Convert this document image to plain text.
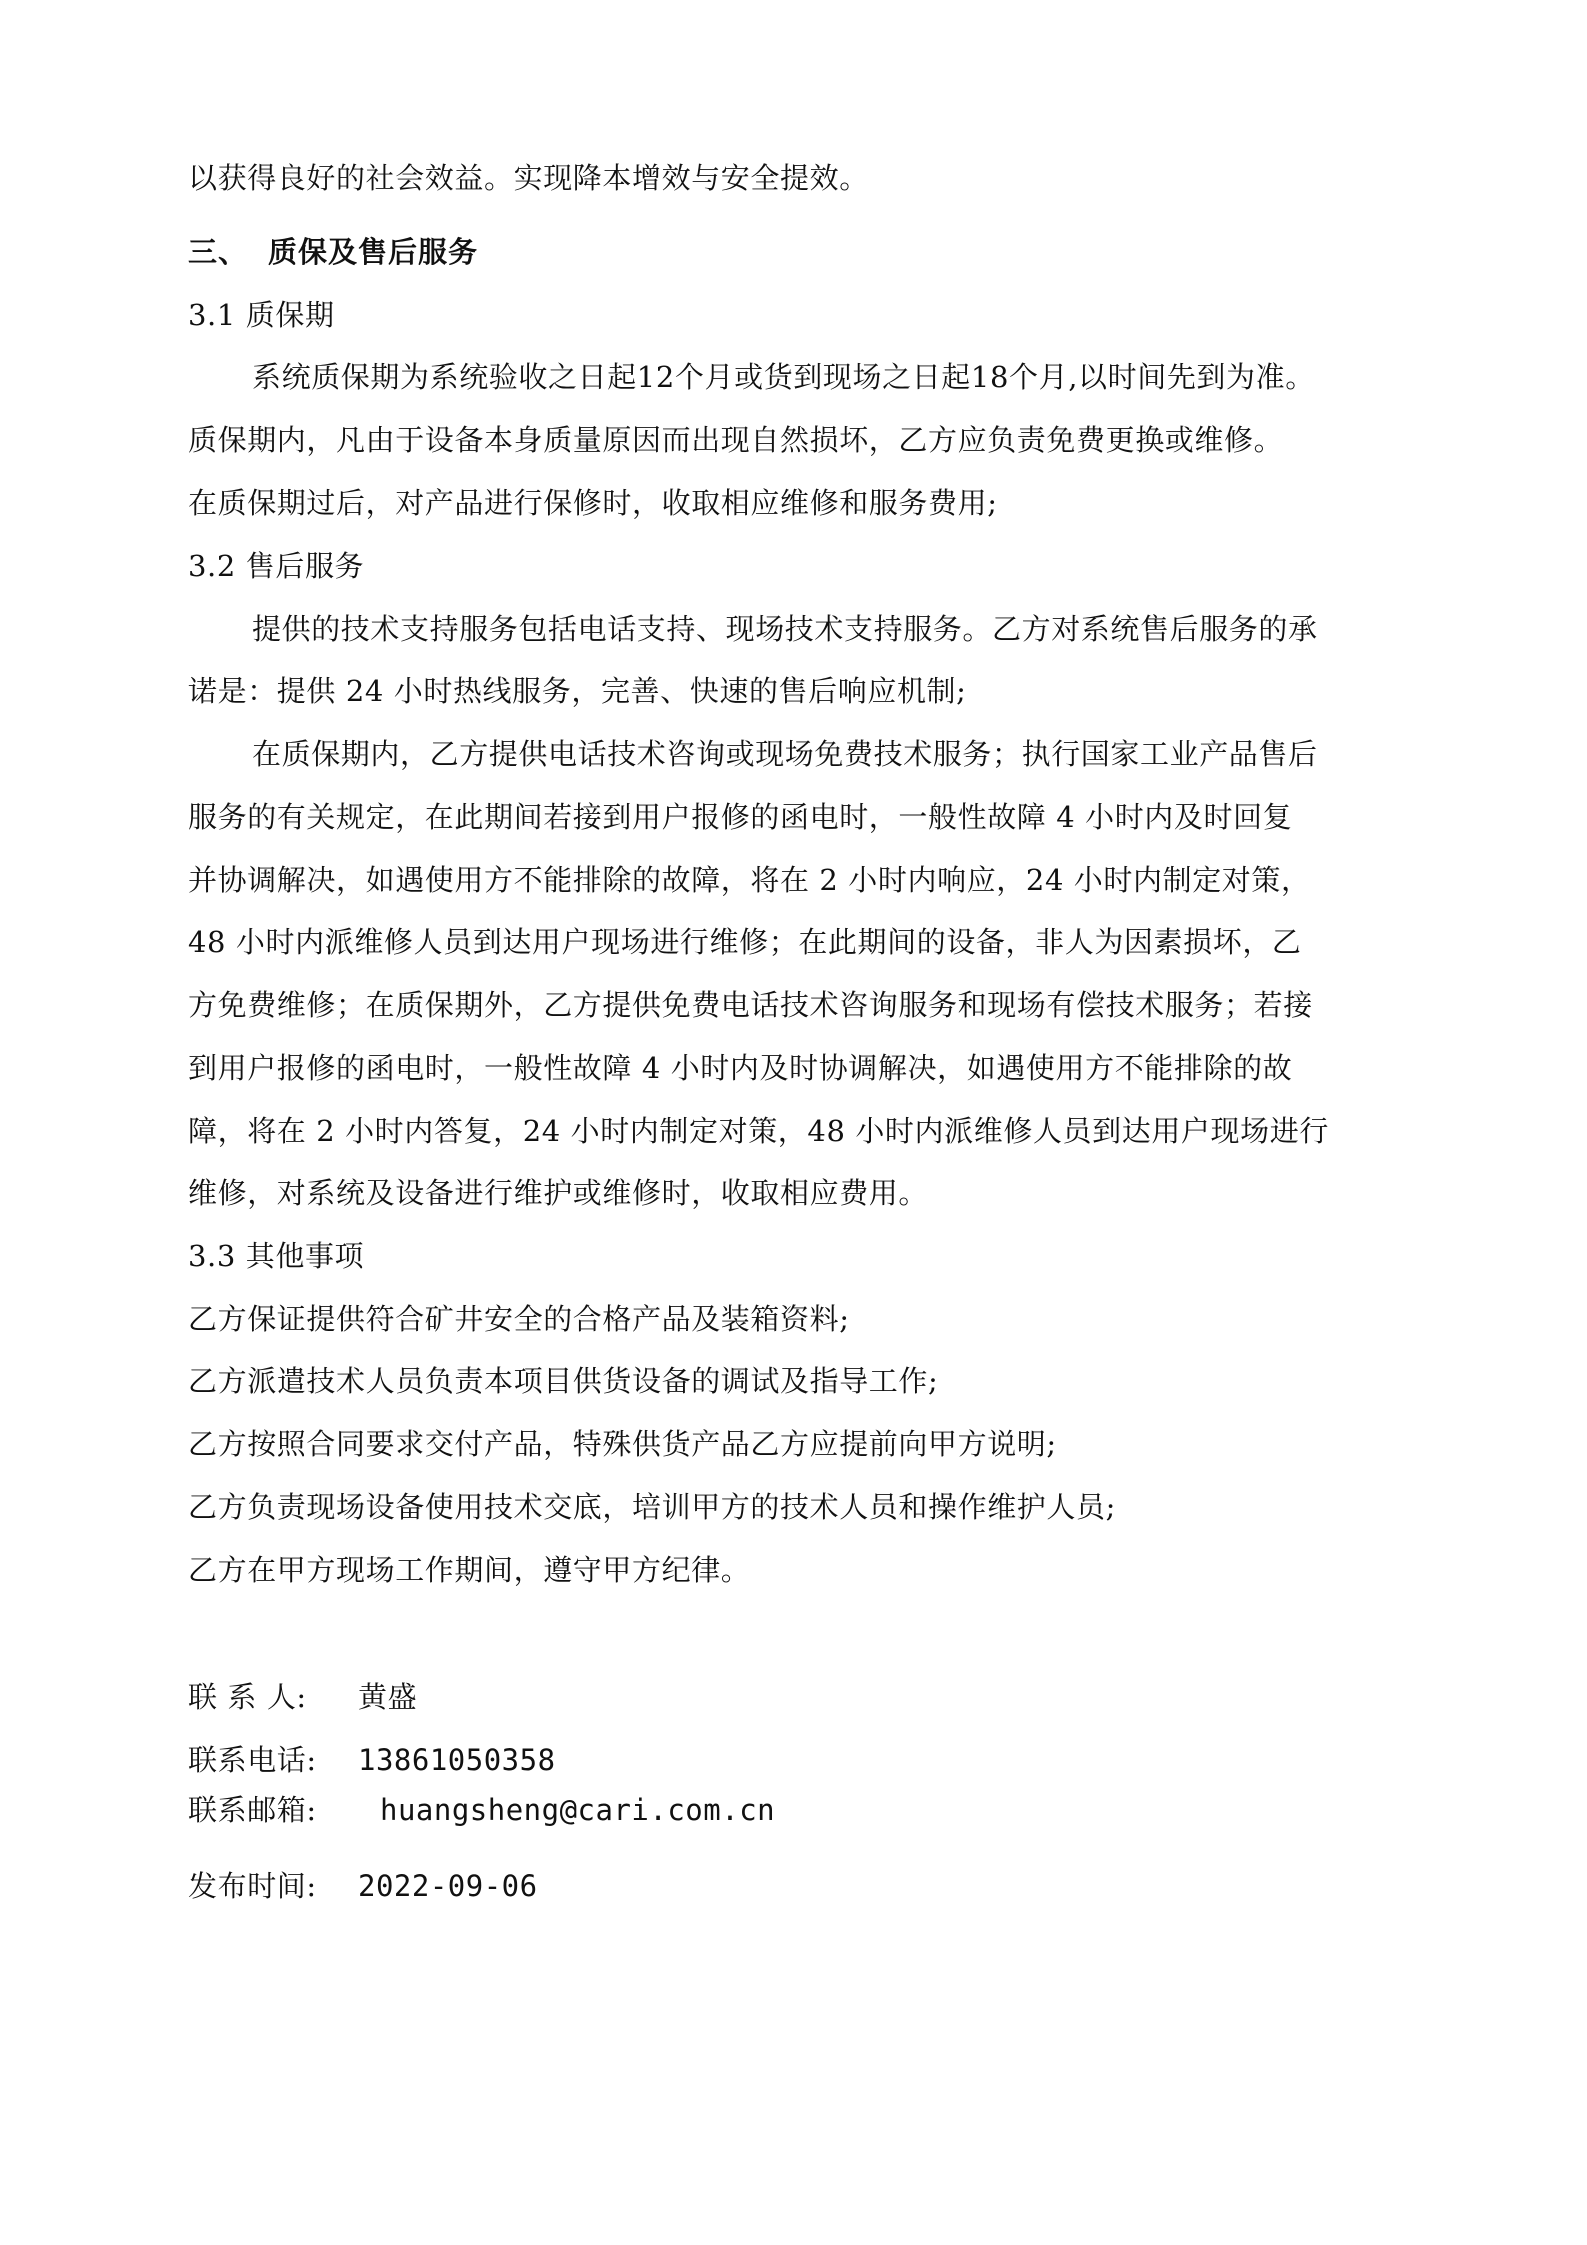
以获得良好的社会效益。实现降本增效与安全提效。
三、 质保及售后服务
3.1 质保期
系统质保期为系统验收之日起12个月或货到现场之日起18个月,以时间先到为准。
质保期内，凡由于设备本身质量原因而出现自然损坏，乙方应负责免费更换或维修。
在质保期过后，对产品进行保修时，收取相应维修和服务费用;
3.2 售后服务
提供的技术支持服务包括电话支持、现场技术支持服务。乙方对系统售后服务的承
诺是：提供 24 小时热线服务，完善、快速的售后响应机制;
在质保期内，乙方提供电话技术咨询或现场免费技术服务；执行国家工业产品售后
服务的有关规定，在此期间若接到用户报修的函电时，一般性故障 4 小时内及时回复
并协调解决，如遇使用方不能排除的故障，将在 2 小时内响应，24 小时内制定对策，
48 小时内派维修人员到达用户现场进行维修；在此期间的设备，非人为因素损坏，乙
方免费维修；在质保期外，乙方提供免费电话技术咨询服务和现场有偿技术服务；若接
到用户报修的函电时，一般性故障 4 小时内及时协调解决，如遇使用方不能排除的故
障，将在 2 小时内答复，24 小时内制定对策，48 小时内派维修人员到达用户现场进行
维修，对系统及设备进行维护或维修时，收取相应费用。
3.3 其他事项
乙方保证提供符合矿井安全的合格产品及装箱资料;
乙方派遣技术人员负责本项目供货设备的调试及指导工作;
乙方按照合同要求交付产品，特殊供货产品乙方应提前向甲方说明;
乙方负责现场设备使用技术交底，培训甲方的技术人员和操作维护人员;
乙方在甲方现场工作期间，遵守甲方纪律。
联 系 人: 黄盛
联系电话: 13861050358
联系邮箱: huangsheng@cari.com.cn
发布时间: 2022-09-06
